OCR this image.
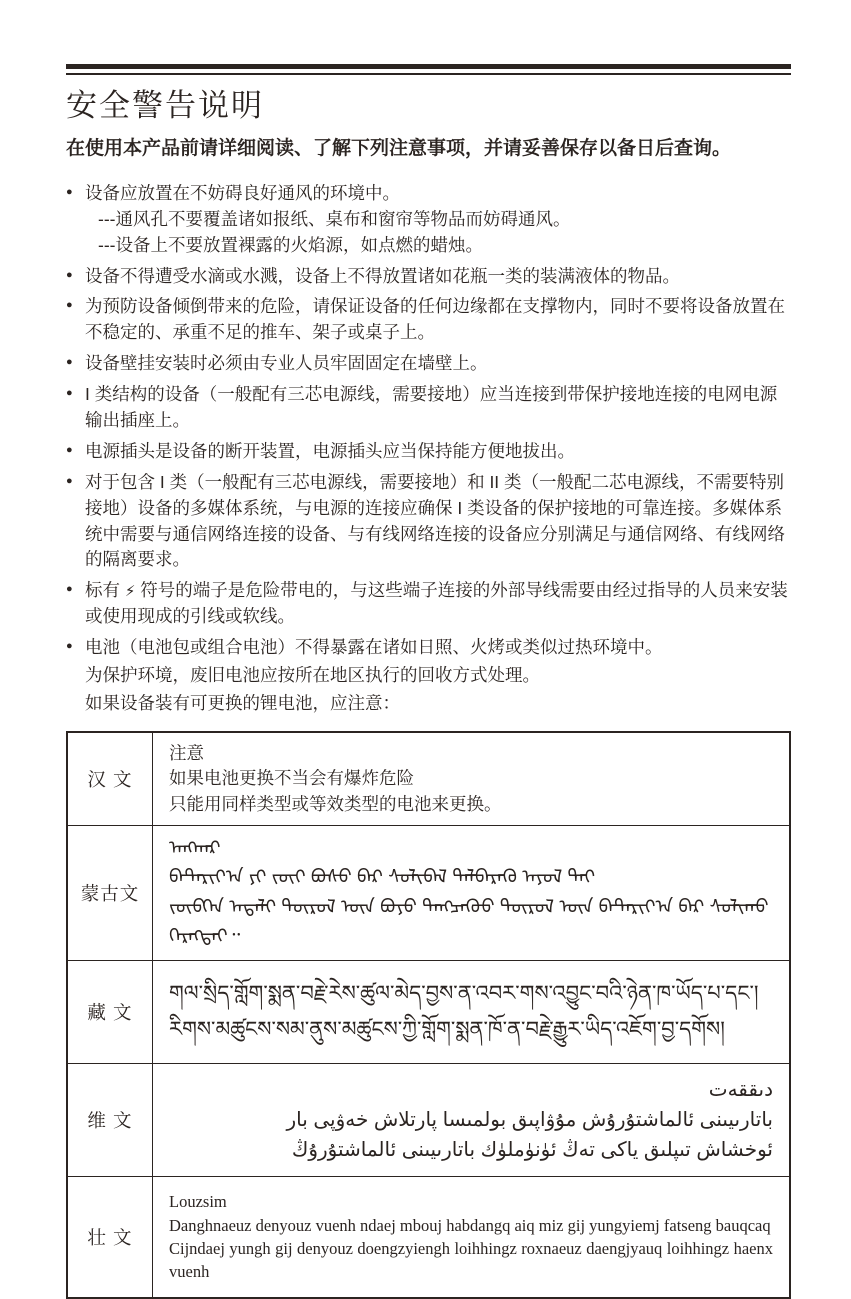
安全警告说明

在使用本产品前请详细阅读、了解下列注意事项，并请妥善保存以备日后查询。

● 设备应放置在不妨碍良好通风的环境中。
---通风孔不要覆盖诸如报纸、桌布和窗帘等物品而妨碍通风。
---设备上不要放置裸露的火焰源，如点燃的蜡烛。
● 设备不得遭受水滴或水溅，设备上不得放置诸如花瓶一类的装满液体的物品。
● 为预防设备倾倒带来的危险，请保证设备的任何边缘都在支撑物内，同时不要将设备放置在不稳定的、承重不足的推车、架子或桌子上。
● 设备壁挂安装时必须由专业人员牢固固定在墙壁上。
● I 类结构的设备（一般配有三芯电源线，需要接地）应当连接到带保护接地连接的电网电源输出插座上。
● 电源插头是设备的断开装置，电源插头应当保持能方便地拔出。
● 对于包含 I 类（一般配有三芯电源线，需要接地）和 II 类（一般配二芯电源线，不需要特别接地）设备的多媒体系统，与电源的连接应确保 I 类设备的保护接地的可靠连接。多媒体系统中需要与通信网络连接的设备、与有线网络连接的设备应分别满足与通信网络、有线网络的隔离要求。
● 标有 ⚡ 符号的端子是危险带电的，与这些端子连接的外部导线需要由经过指导的人员来安装或使用现成的引线或软线。
● 电池（电池包或组合电池）不得暴露在诸如日照、火烤或类似过热环境中。
为保护环境，废旧电池应按所在地区执行的回收方式处理。
如果设备装有可更换的锂电池，应注意：
汉 文	注意
如果电池更换不当会有爆炸危险
只能用同样类型或等效类型的电池来更换。

蒙古文	ᠠᠩᠬᠠᠷ
ᠪᠠᠲ᠋ᠠᠷᠢᠶ᠎ᠠ ᠶᠢ ᠵᠦᠢ ᠪᠤᠰᠤ ᠪᠠᠷ ᠰᠣᠯᠢᠪᠠᠯ ᠳᠡᠯᠪᠡᠷᠡᠬᠦ ᠠᠶᠤᠯ ᠲᠠᠢ
ᠵᠥᠪᠬᠡᠨ ᠠᠳᠠᠯᠢ ᠲᠥᠷᠥᠯ ᠦᠨ ᠪᠤᠶᠤ ᠲᠡᠩᠴᠡᠭᠦᠦ ᠲᠥᠷᠥᠯ ᠦᠨ ᠪᠠᠲ᠋ᠠᠷᠢᠶ᠎ᠠ ᠪᠠᠷ ᠰᠣᠯᠢᠬᠤ ᠬᠡᠷᠡᠭᠲᠡᠢ᠃

藏 文	གལ་སྲིད་གློག་སྨན་བརྗེ་རེས་ཚུལ་མེད་བྱས་ན་འབར་གས་འབྱུང་བའི་ཉེན་ཁ་ཡོད་པ་དང་།
རིགས་མཚུངས་སམ་ནུས་མཚུངས་ཀྱི་གློག་སྨན་ཁོ་ན་བརྗེ་རྒྱུར་ཡིད་འཇོག་བྱ་དགོས།

维 文	دىققەت
باتارىيىنى ئالماشتۇرۇش مۇۋاپىق بولمىسا پارتلاش خەۋپى بار
ئوخشاش تىپلىق ياكى تەڭ ئۈنۈملۈك باتارىيىنى ئالماشتۇرۇڭ

壮 文	Louzsim
Danghnaeuz denyouz vuenh ndaej mbouj habdangq aiq miz gij yungyiemj fatseng bauqcaq
Cijndaej yungh gij denyouz doengzyiengh loihhingz roxnaeuz daengjyauq loihhingz haenx vuenh
